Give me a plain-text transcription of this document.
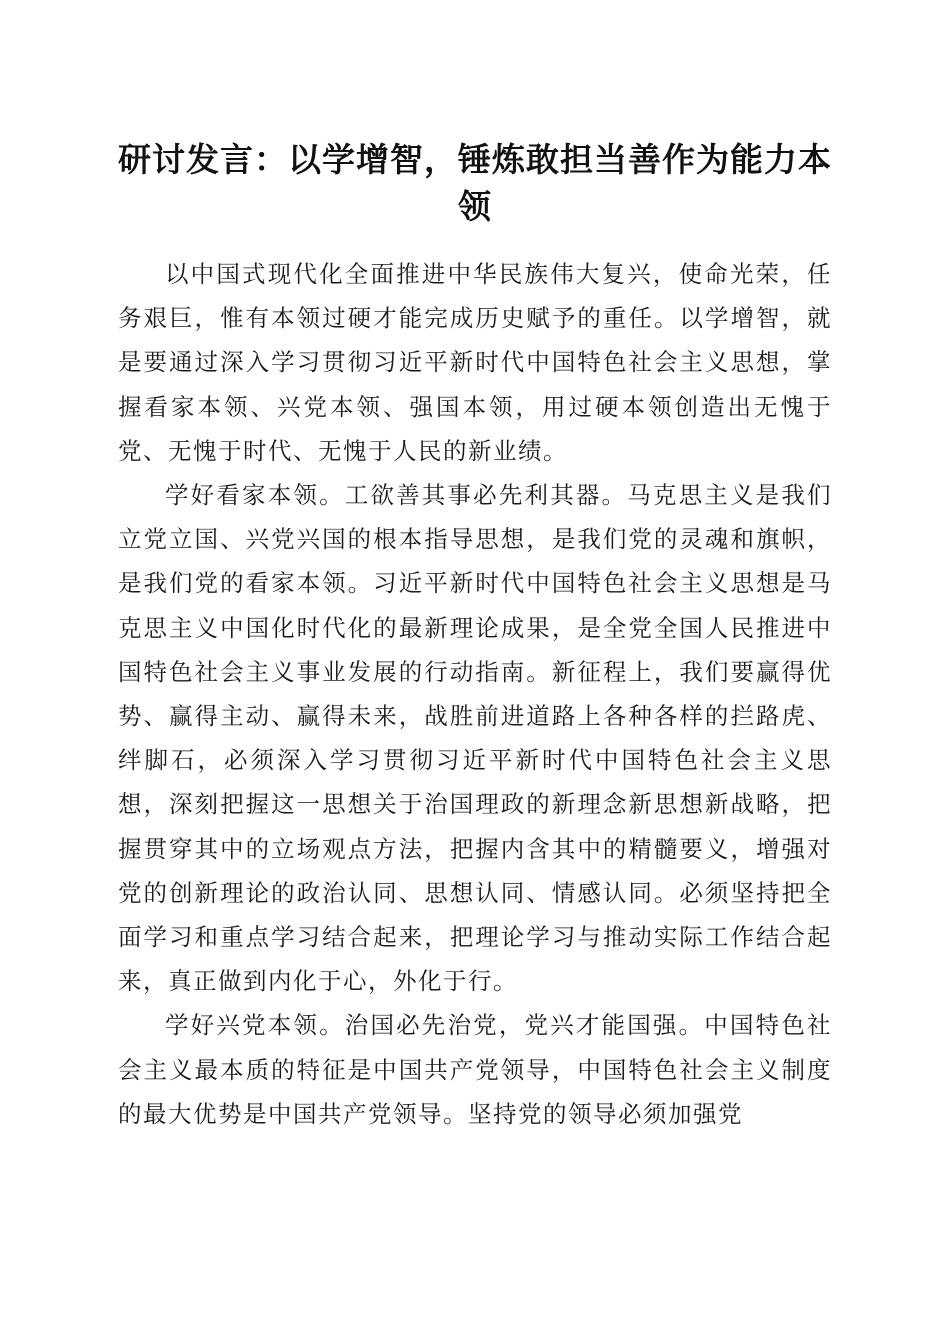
研讨发言：以学增智，锤炼敢担当善作为能力本领

以中国式现代化全面推进中华民族伟大复兴，使命光荣，任务艰巨，惟有本领过硬才能完成历史赋予的重任。以学增智，就是要通过深入学习贯彻习近平新时代中国特色社会主义思想，掌握看家本领、兴党本领、强国本领，用过硬本领创造出无愧于党、无愧于时代、无愧于人民的新业绩。

学好看家本领。工欲善其事必先利其器。马克思主义是我们立党立国、兴党兴国的根本指导思想，是我们党的灵魂和旗帜，是我们党的看家本领。习近平新时代中国特色社会主义思想是马克思主义中国化时代化的最新理论成果，是全党全国人民推进中国特色社会主义事业发展的行动指南。新征程上，我们要赢得优势、赢得主动、赢得未来，战胜前进道路上各种各样的拦路虎、绊脚石，必须深入学习贯彻习近平新时代中国特色社会主义思想，深刻把握这一思想关于治国理政的新理念新思想新战略，把握贯穿其中的立场观点方法，把握内含其中的精髓要义，增强对党的创新理论的政治认同、思想认同、情感认同。必须坚持把全面学习和重点学习结合起来，把理论学习与推动实际工作结合起来，真正做到内化于心，外化于行。

学好兴党本领。治国必先治党，党兴才能国强。中国特色社会主义最本质的特征是中国共产党领导，中国特色社会主义制度的最大优势是中国共产党领导。坚持党的领导必须加强党
